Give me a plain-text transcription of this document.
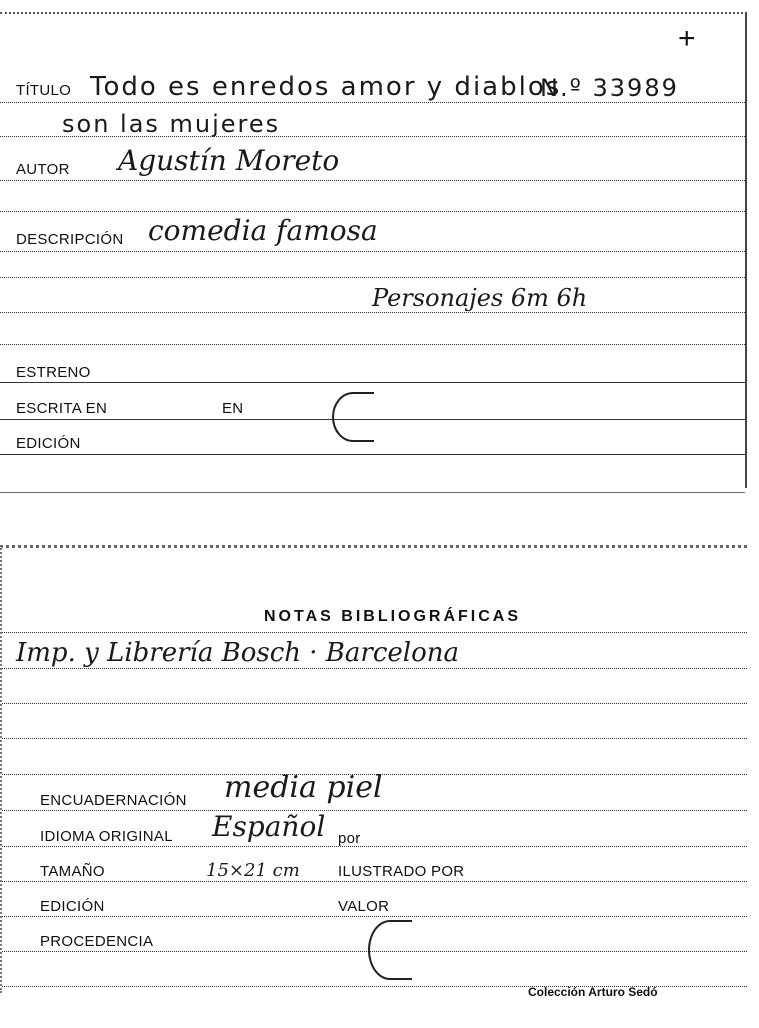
+
TÍTULO Todo es enredos amor y diablos
N.º 33989
son las mujeres
AUTOR Agustín Moreto
DESCRIPCIÓN comedia famosa
Personajes 6m 6h
ESTRENO
ESCRITA EN	EN
EDICIÓN
NOTAS BIBLIOGRÁFICAS
Imp. y Librería Bosch · Barcelona
ENCUADERNACIÓN media piel
IDIOMA ORIGINAL Español por
TAMAÑO	15×21 cm	ILUSTRADO POR
EDICIÓN	VALOR
PROCEDENCIA
Colección Arturo Sedó
